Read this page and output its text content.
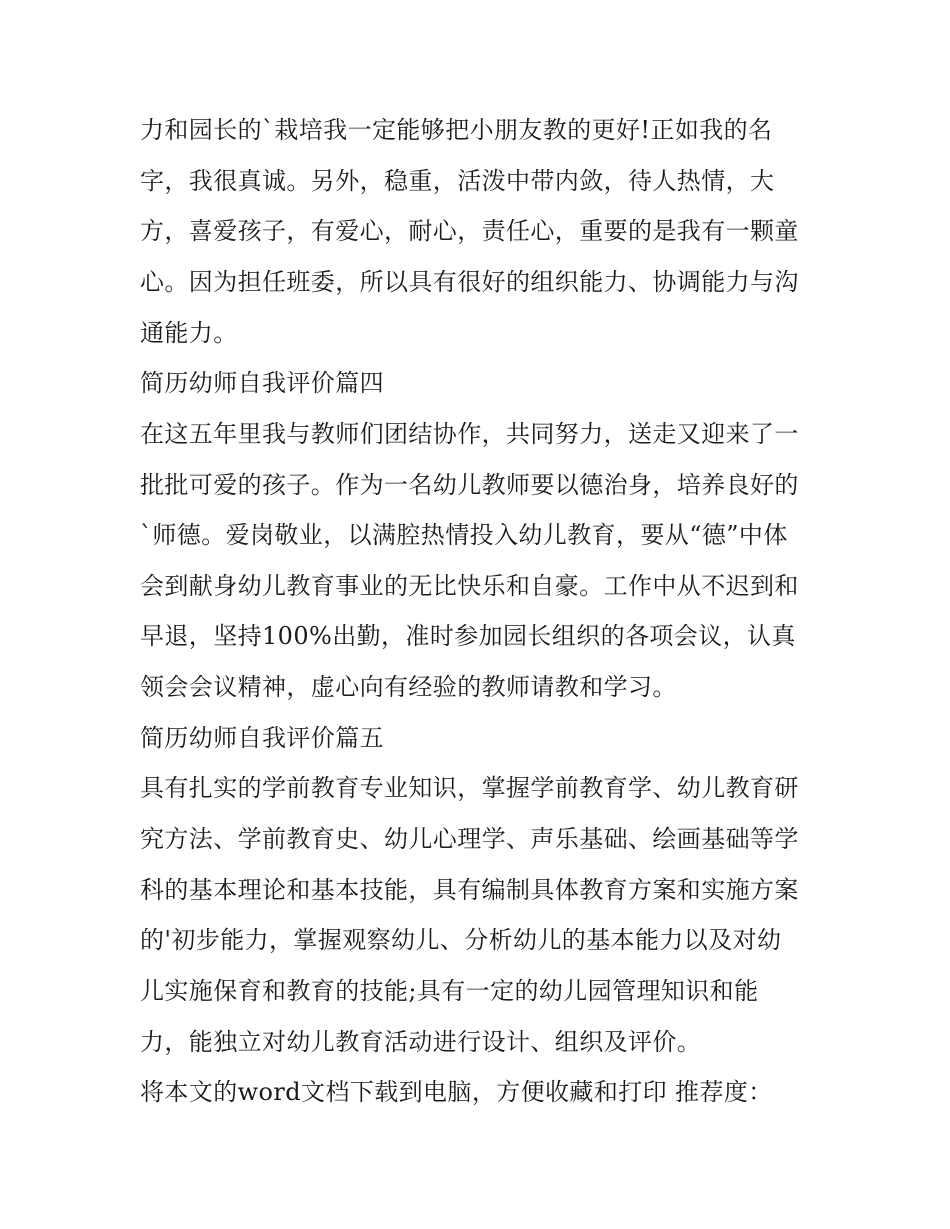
力和园长的`栽培我一定能够把小朋友教的更好!正如我的名
字，我很真诚。另外，稳重，活泼中带内敛，待人热情，大
方，喜爱孩子，有爱心，耐心，责任心，重要的是我有一颗童
心。因为担任班委，所以具有很好的组织能力、协调能力与沟
通能力。
简历幼师自我评价篇四
在这五年里我与教师们团结协作，共同努力，送走又迎来了一
批批可爱的孩子。作为一名幼儿教师要以德治身，培养良好的
`师德。爱岗敬业，以满腔热情投入幼儿教育，要从“德”中体
会到献身幼儿教育事业的无比快乐和自豪。工作中从不迟到和
早退，坚持100%出勤，准时参加园长组织的各项会议，认真
领会会议精神，虚心向有经验的教师请教和学习。
简历幼师自我评价篇五
具有扎实的学前教育专业知识，掌握学前教育学、幼儿教育研
究方法、学前教育史、幼儿心理学、声乐基础、绘画基础等学
科的基本理论和基本技能，具有编制具体教育方案和实施方案
的'初步能力，掌握观察幼儿、分析幼儿的基本能力以及对幼
儿实施保育和教育的技能;具有一定的幼儿园管理知识和能
力，能独立对幼儿教育活动进行设计、组织及评价。
将本文的word文档下载到电脑，方便收藏和打印 推荐度：
